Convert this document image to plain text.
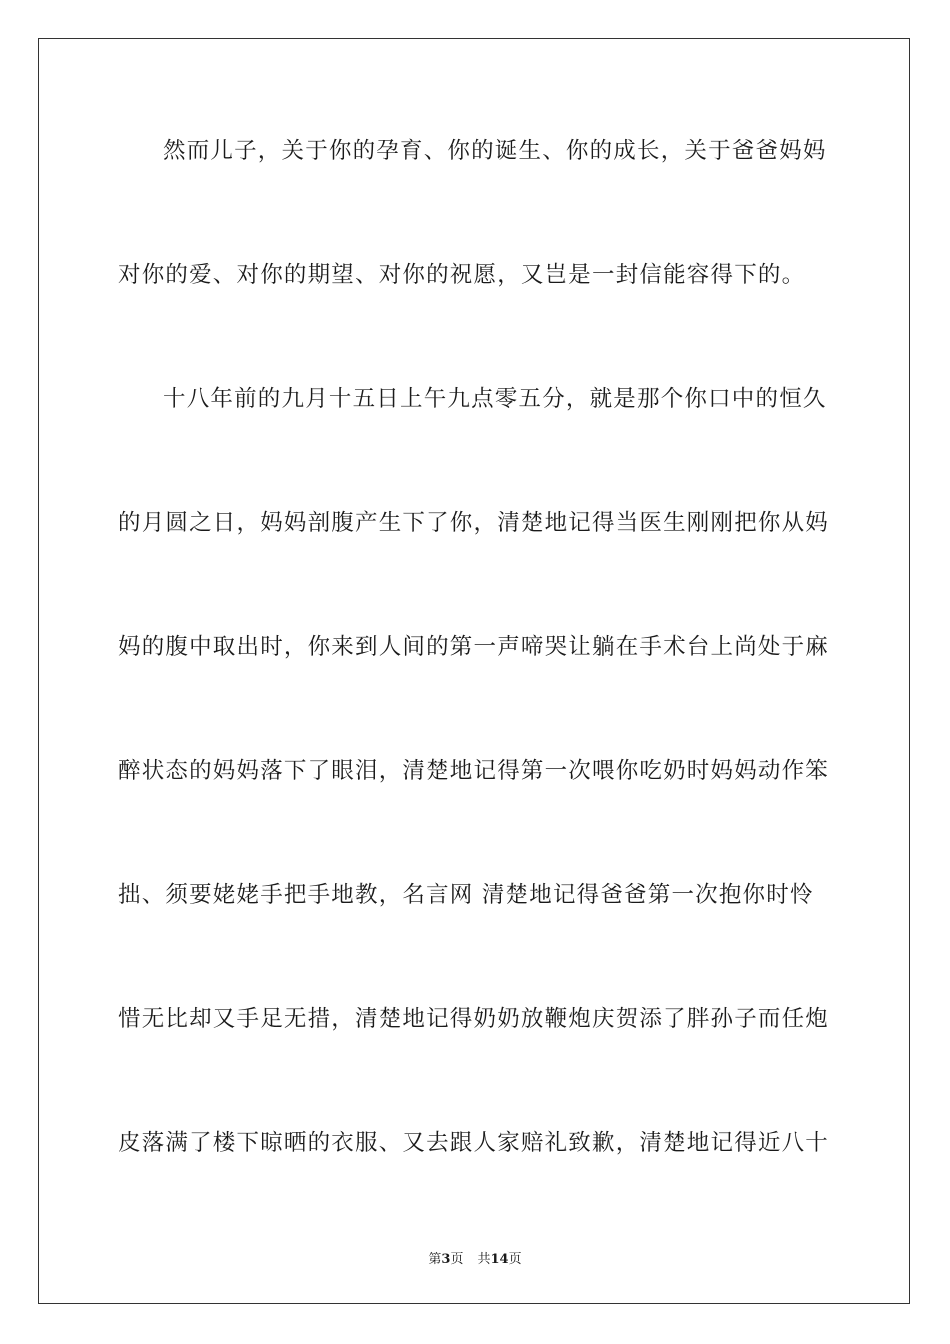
然而儿子，关于你的孕育、你的诞生、你的成长，关于爸爸妈妈
对你的爱、对你的期望、对你的祝愿，又岂是一封信能容得下的。
十八年前的九月十五日上午九点零五分，就是那个你口中的恒久
的月圆之日，妈妈剖腹产生下了你，清楚地记得当医生刚刚把你从妈
妈的腹中取出时，你来到人间的第一声啼哭让躺在手术台上尚处于麻
醉状态的妈妈落下了眼泪，清楚地记得第一次喂你吃奶时妈妈动作笨
拙、须要姥姥手把手地教，名言网 清楚地记得爸爸第一次抱你时怜
惜无比却又手足无措，清楚地记得奶奶放鞭炮庆贺添了胖孙子而任炮
皮落满了楼下晾晒的衣服、又去跟人家赔礼致歉，清楚地记得近八十
第3页 共14页
